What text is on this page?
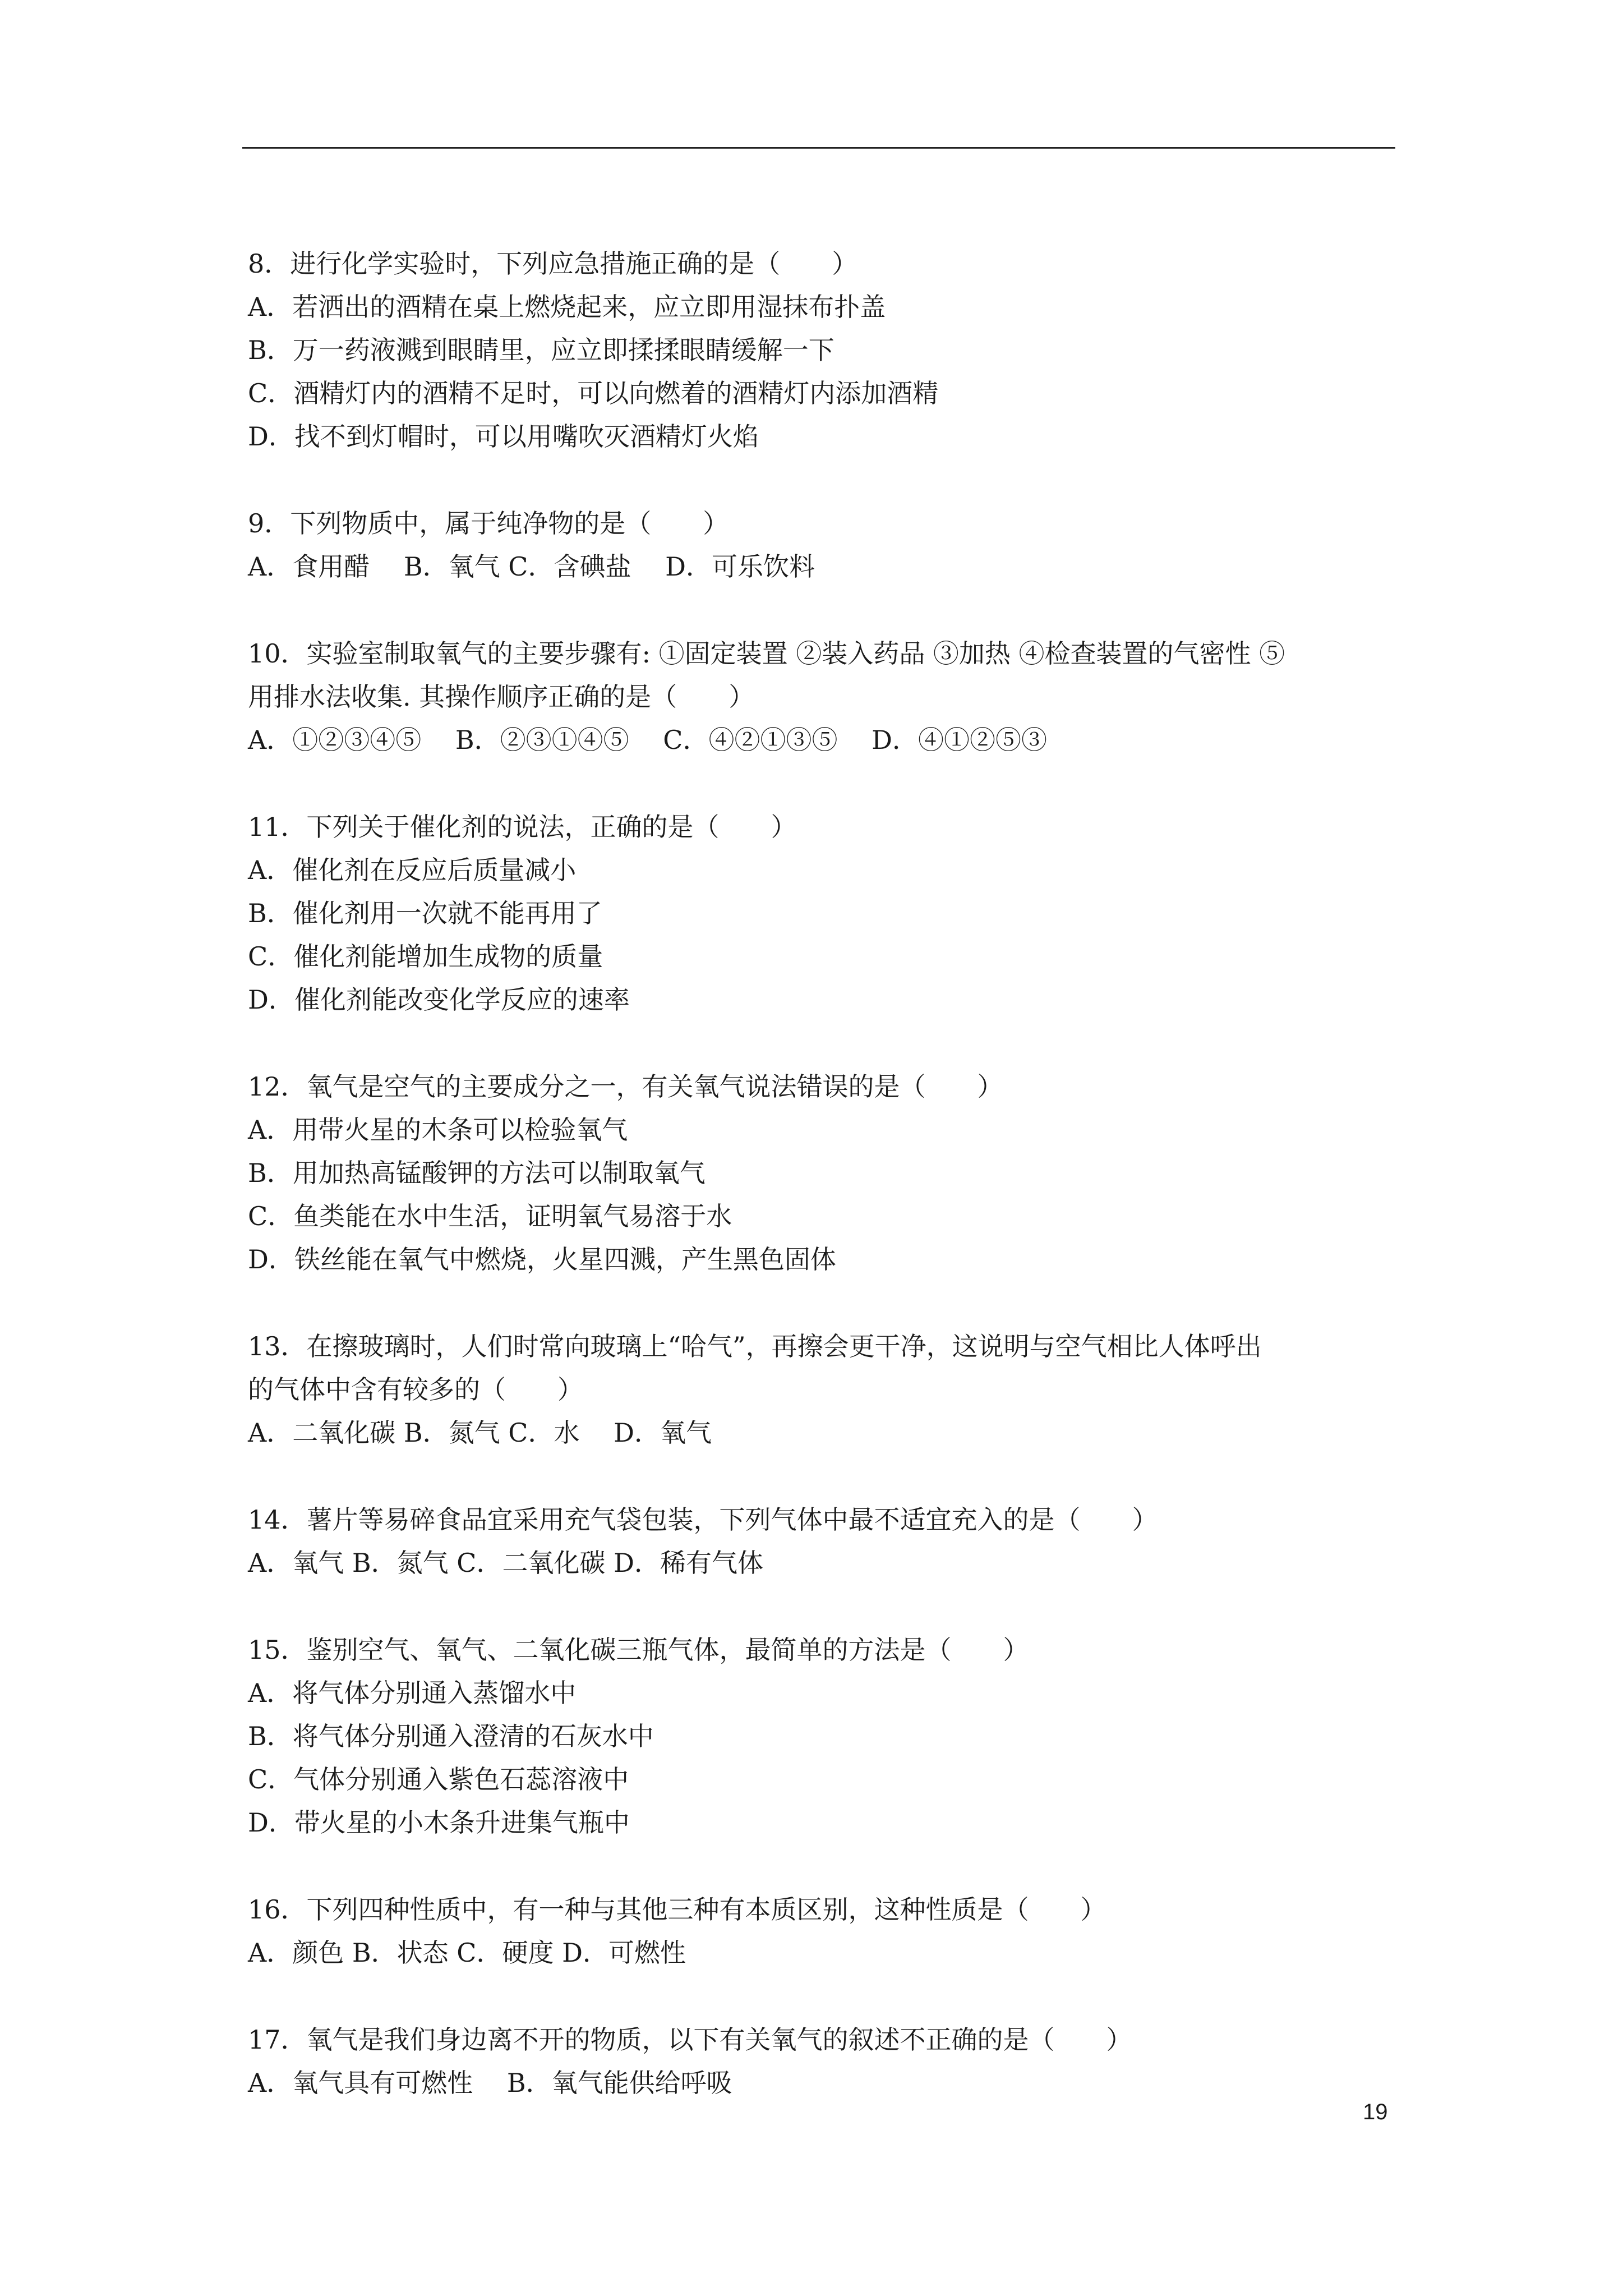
8．进行化学实验时，下列应急措施正确的是（　　）
A．若洒出的酒精在桌上燃烧起来，应立即用湿抹布扑盖
B．万一药液溅到眼睛里，应立即揉揉眼睛缓解一下
C．酒精灯内的酒精不足时，可以向燃着的酒精灯内添加酒精
D．找不到灯帽时，可以用嘴吹灭酒精灯火焰
9．下列物质中，属于纯净物的是（　　）
A．食用醋　 B．氧气 C．含碘盐　 D．可乐饮料
10．实验室制取氧气的主要步骤有: ①固定装置 ②装入药品 ③加热 ④检查装置的气密性 ⑤
用排水法收集. 其操作顺序正确的是（　　）
A．①②③④⑤　 B．②③①④⑤　 C．④②①③⑤　 D．④①②⑤③
11．下列关于催化剂的说法，正确的是（　　）
A．催化剂在反应后质量减小
B．催化剂用一次就不能再用了
C．催化剂能增加生成物的质量
D．催化剂能改变化学反应的速率
12．氧气是空气的主要成分之一，有关氧气说法错误的是（　　）
A．用带火星的木条可以检验氧气
B．用加热高锰酸钾的方法可以制取氧气
C．鱼类能在水中生活，证明氧气易溶于水
D．铁丝能在氧气中燃烧，火星四溅，产生黑色固体
13．在擦玻璃时，人们时常向玻璃上“哈气”，再擦会更干净，这说明与空气相比人体呼出
的气体中含有较多的（　　）
A．二氧化碳 B．氮气 C．水　 D．氧气
14．薯片等易碎食品宜采用充气袋包装，下列气体中最不适宜充入的是（　　）
A．氧气 B．氮气 C．二氧化碳 D．稀有气体
15．鉴别空气、氧气、二氧化碳三瓶气体，最简单的方法是（　　）
A．将气体分别通入蒸馏水中
B．将气体分别通入澄清的石灰水中
C．气体分别通入紫色石蕊溶液中
D．带火星的小木条升进集气瓶中
16．下列四种性质中，有一种与其他三种有本质区别，这种性质是（　　）
A．颜色 B．状态 C．硬度 D．可燃性
17．氧气是我们身边离不开的物质，以下有关氧气的叙述不正确的是（　　）
A．氧气具有可燃性　 B．氧气能供给呼吸
19
